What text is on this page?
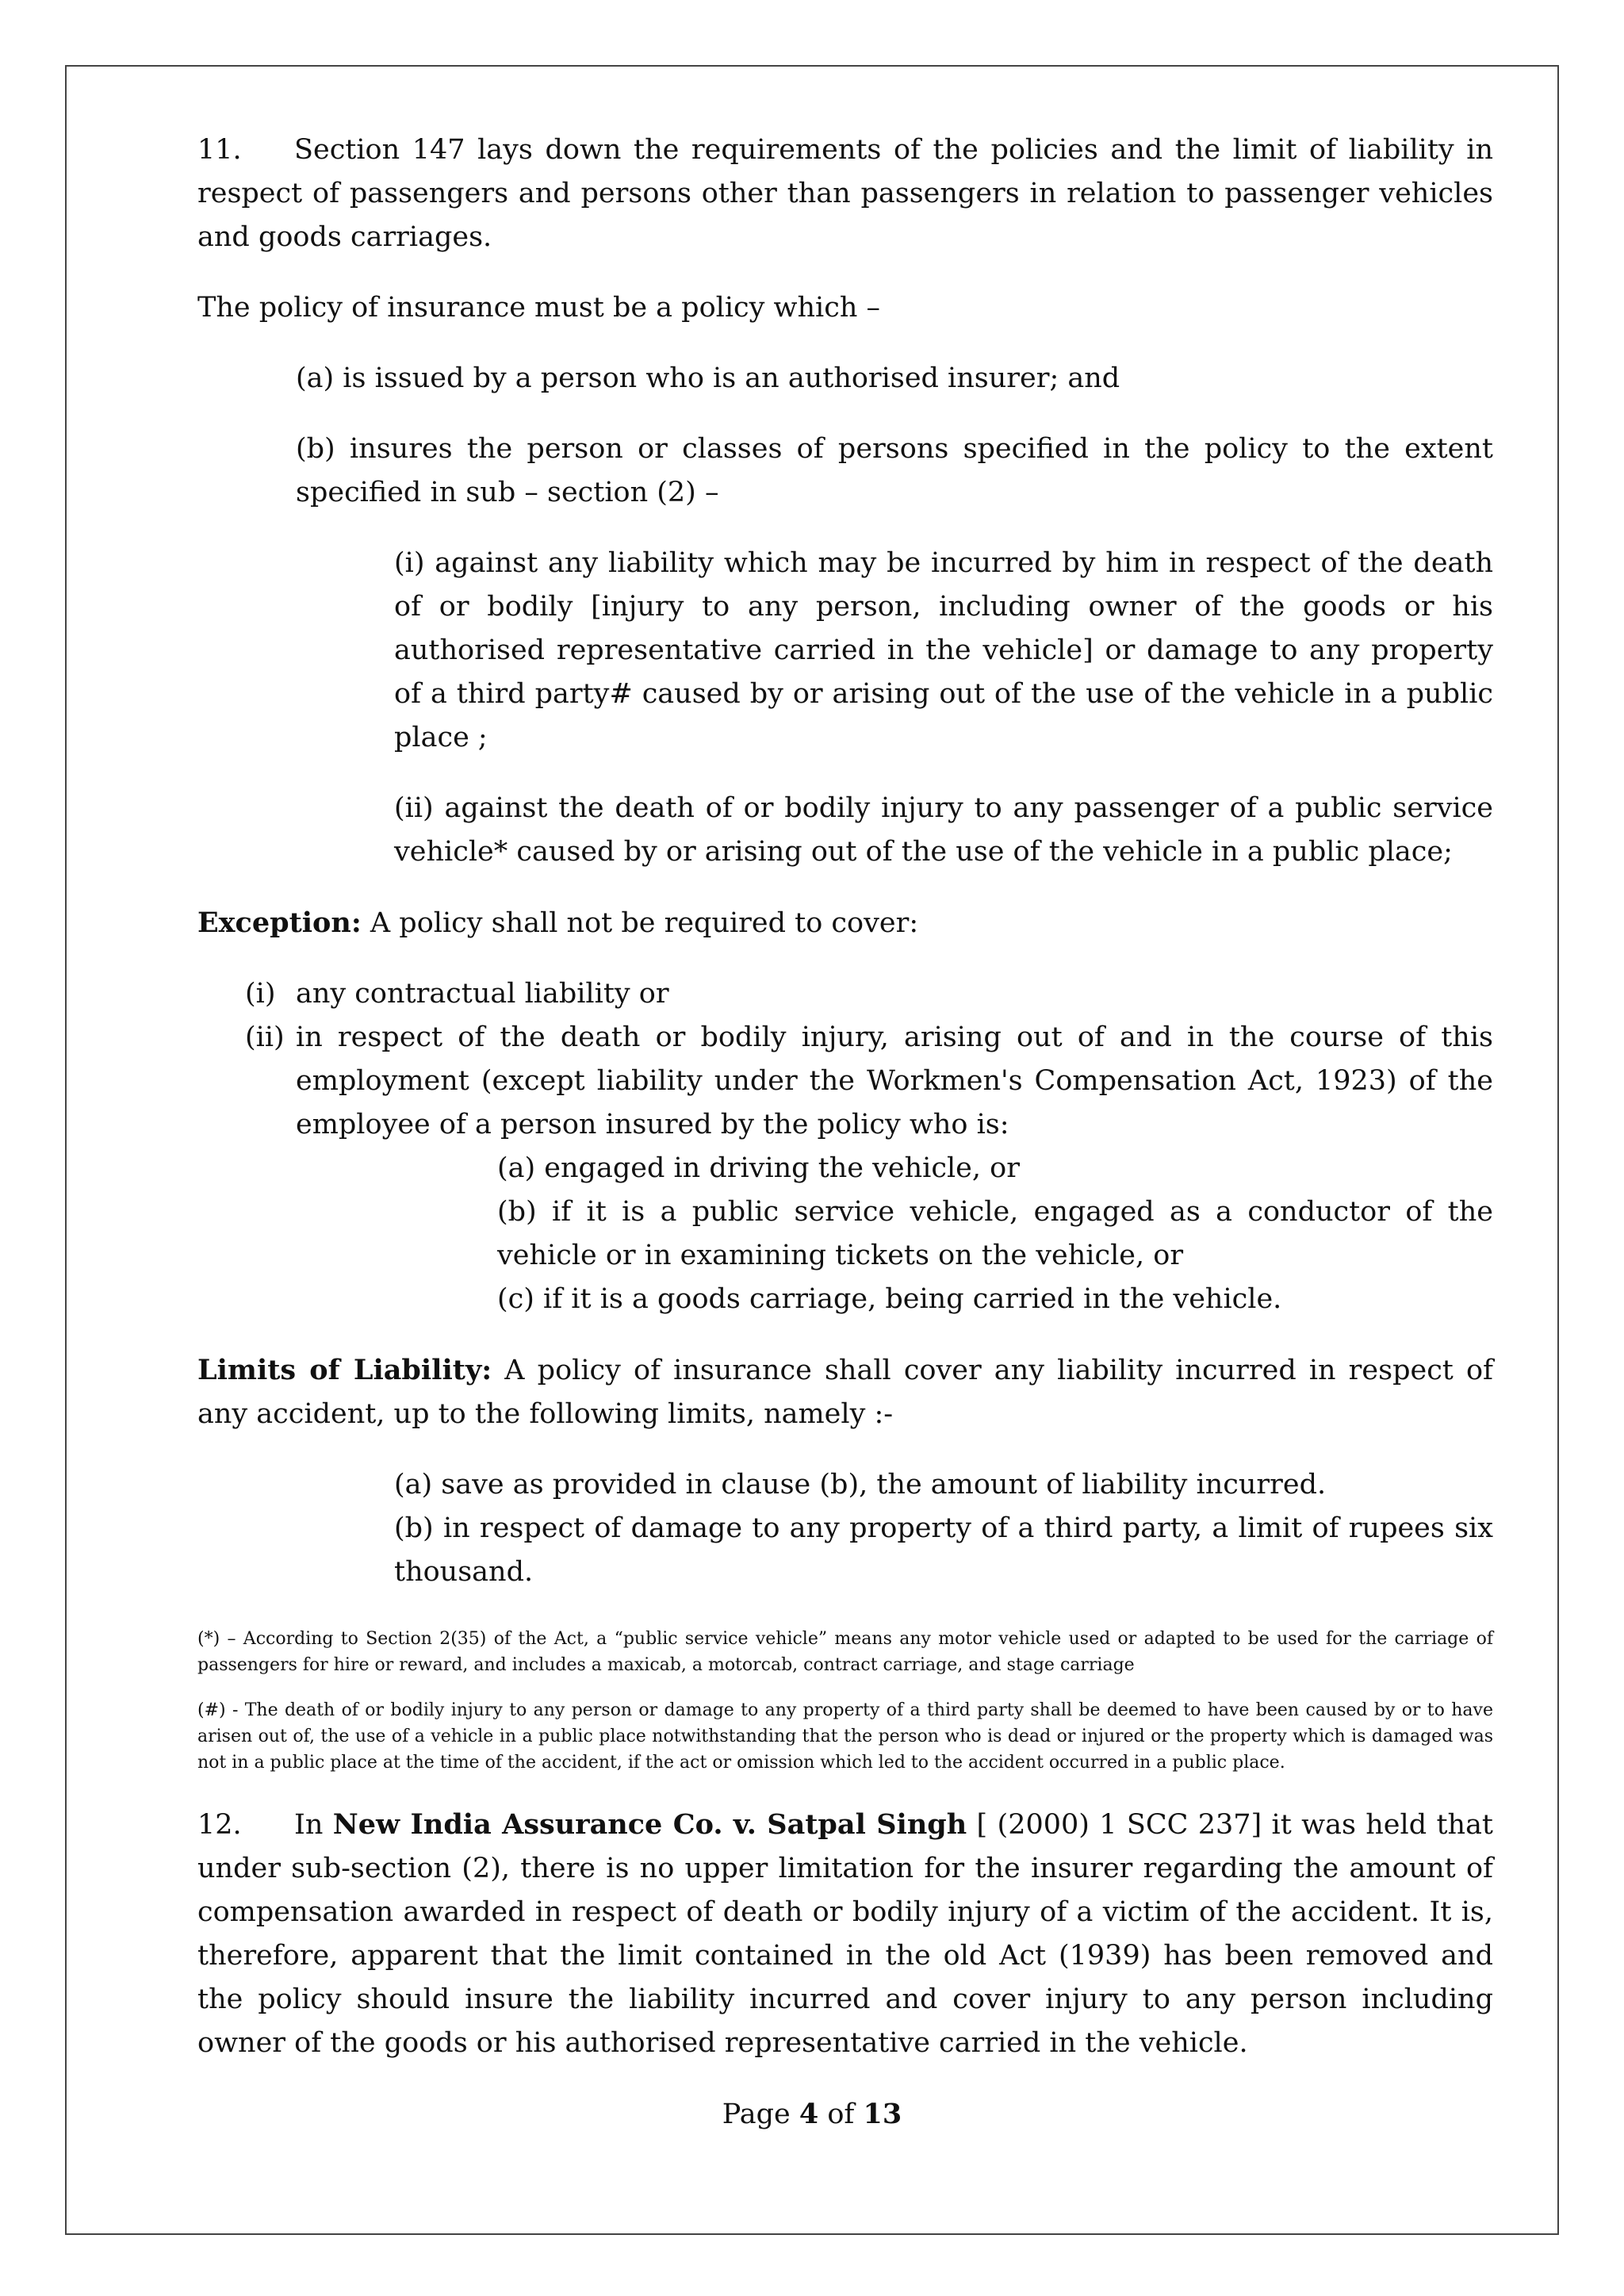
11. Section 147 lays down the requirements of the policies and the limit of liability in respect of passengers and persons other than passengers in relation to passenger vehicles and goods carriages.

The policy of insurance must be a policy which –

(a) is issued by a person who is an authorised insurer; and

(b) insures the person or classes of persons specified in the policy to the extent specified in sub – section (2) –

(i) against any liability which may be incurred by him in respect of the death of or bodily [injury to any person, including owner of the goods or his authorised representative carried in the vehicle] or damage to any property of a third party# caused by or arising out of the use of the vehicle in a public place ;

(ii) against the death of or bodily injury to any passenger of a public service vehicle* caused by or arising out of the use of the vehicle in a public place;

Exception: A policy shall not be required to cover:

(i) any contractual liability or
(ii) in respect of the death or bodily injury, arising out of and in the course of this employment (except liability under the Workmen's Compensation Act, 1923) of the employee of a person insured by the policy who is:

(a) engaged in driving the vehicle, or

(b) if it is a public service vehicle, engaged as a conductor of the vehicle or in examining tickets on the vehicle, or

(c) if it is a goods carriage, being carried in the vehicle.

Limits of Liability: A policy of insurance shall cover any liability incurred in respect of any accident, up to the following limits, namely :-

(a) save as provided in clause (b), the amount of liability incurred.

(b) in respect of damage to any property of a third party, a limit of rupees six thousand.

(*) – According to Section 2(35) of the Act, a “public service vehicle” means any motor vehicle used or adapted to be used for the carriage of passengers for hire or reward, and includes a maxicab, a motorcab, contract carriage, and stage carriage

(#) - The death of or bodily injury to any person or damage to any property of a third party shall be deemed to have been caused by or to have arisen out of, the use of a vehicle in a public place notwithstanding that the person who is dead or injured or the property which is damaged was not in a public place at the time of the accident, if the act or omission which led to the accident occurred in a public place.

12. In New India Assurance Co. v. Satpal Singh [ (2000) 1 SCC 237] it was held that under sub-section (2), there is no upper limitation for the insurer regarding the amount of compensation awarded in respect of death or bodily injury of a victim of the accident. It is, therefore, apparent that the limit contained in the old Act (1939) has been removed and the policy should insure the liability incurred and cover injury to any person including owner of the goods or his authorised representative carried in the vehicle.

Page 4 of 13
